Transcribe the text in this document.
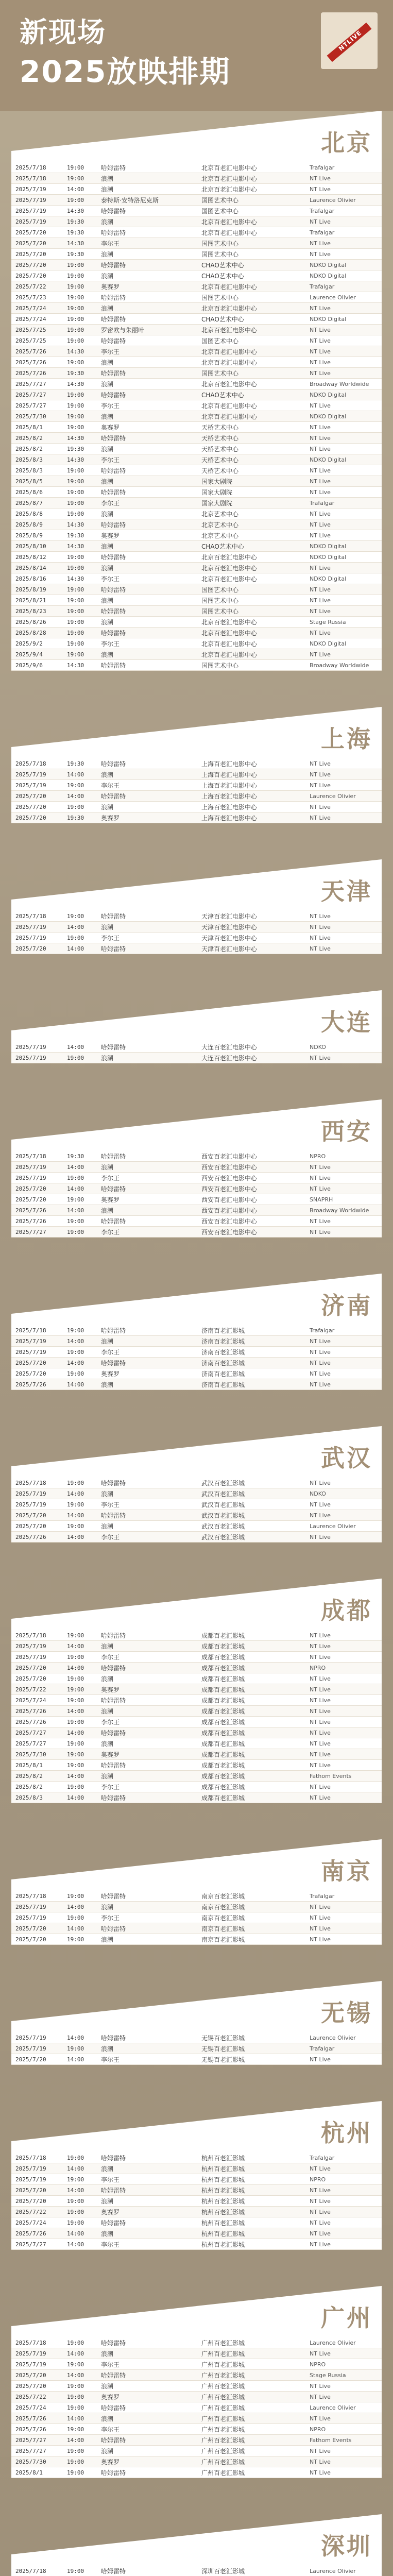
新现场
2025放映排期
NTLIVE
北京
2025/7/18	19:00	哈姆雷特	北京百老汇电影中心	Trafalgar
2025/7/18	19:00	浪潮	北京百老汇电影中心	NT Live
2025/7/19	14:00	浪潮	北京百老汇电影中心	NT Live
2025/7/19	19:00	泰特斯·安特洛尼克斯	国图艺术中心	Laurence Olivier
2025/7/19	14:30	哈姆雷特	国图艺术中心	Trafalgar
2025/7/19	19:30	浪潮	北京百老汇电影中心	NT Live
2025/7/20	19:30	哈姆雷特	北京百老汇电影中心	Trafalgar
2025/7/20	14:30	李尔王	国图艺术中心	NT Live
2025/7/20	19:30	浪潮	国图艺术中心	NT Live
2025/7/20	19:00	哈姆雷特	CHAO艺术中心	NDKO Digital
2025/7/20	19:00	浪潮	CHAO艺术中心	NDKO Digital
2025/7/22	19:00	奥赛罗	北京百老汇电影中心	Trafalgar
2025/7/23	19:00	哈姆雷特	国图艺术中心	Laurence Olivier
2025/7/24	19:00	浪潮	北京百老汇电影中心	NT Live
2025/7/24	19:00	哈姆雷特	CHAO艺术中心	NDKO Digital
2025/7/25	19:00	罗密欧与朱丽叶	北京百老汇电影中心	NT Live
2025/7/25	19:00	哈姆雷特	国图艺术中心	NT Live
2025/7/26	14:30	李尔王	北京百老汇电影中心	NT Live
2025/7/26	19:00	浪潮	北京百老汇电影中心	NT Live
2025/7/26	19:30	哈姆雷特	国图艺术中心	NT Live
2025/7/27	14:30	浪潮	北京百老汇电影中心	Broadway Worldwide
2025/7/27	19:00	哈姆雷特	CHAO艺术中心	NDKO Digital
2025/7/27	19:00	李尔王	北京百老汇电影中心	NT Live
2025/7/30	19:00	浪潮	北京百老汇电影中心	NDKO Digital
2025/8/1	19:00	奥赛罗	天桥艺术中心	NT Live
2025/8/2	14:30	哈姆雷特	天桥艺术中心	NT Live
2025/8/2	19:30	浪潮	天桥艺术中心	NT Live
2025/8/3	14:30	李尔王	天桥艺术中心	NDKO Digital
2025/8/3	19:00	哈姆雷特	天桥艺术中心	NT Live
2025/8/5	19:00	浪潮	国家大剧院	NT Live
2025/8/6	19:00	哈姆雷特	国家大剧院	NT Live
2025/8/7	19:00	李尔王	国家大剧院	Trafalgar
2025/8/8	19:00	浪潮	北京艺术中心	NT Live
2025/8/9	14:30	哈姆雷特	北京艺术中心	NT Live
2025/8/9	19:30	奥赛罗	北京艺术中心	NT Live
2025/8/10	14:30	浪潮	CHAO艺术中心	NDKO Digital
2025/8/12	19:00	哈姆雷特	北京百老汇电影中心	NDKO Digital
2025/8/14	19:00	浪潮	北京百老汇电影中心	NT Live
2025/8/16	14:30	李尔王	北京百老汇电影中心	NDKO Digital
2025/8/19	19:00	哈姆雷特	国图艺术中心	NT Live
2025/8/21	19:00	浪潮	国图艺术中心	NT Live
2025/8/23	19:00	哈姆雷特	国图艺术中心	NT Live
2025/8/26	19:00	浪潮	北京百老汇电影中心	Stage Russia
2025/8/28	19:00	哈姆雷特	北京百老汇电影中心	NT Live
2025/9/2	19:00	李尔王	北京百老汇电影中心	NDKO Digital
2025/9/4	19:00	浪潮	北京百老汇电影中心	NT Live
2025/9/6	14:30	哈姆雷特	国图艺术中心	Broadway Worldwide
上海
2025/7/18	19:30	哈姆雷特	上海百老汇电影中心	NT Live
2025/7/19	14:00	浪潮	上海百老汇电影中心	NT Live
2025/7/19	19:00	李尔王	上海百老汇电影中心	NT Live
2025/7/20	14:00	哈姆雷特	上海百老汇电影中心	Laurence Olivier
2025/7/20	19:00	浪潮	上海百老汇电影中心	NT Live
2025/7/20	19:30	奥赛罗	上海百老汇电影中心	NT Live
天津
2025/7/18	19:00	哈姆雷特	天津百老汇电影中心	NT Live
2025/7/19	14:00	浪潮	天津百老汇电影中心	NT Live
2025/7/19	19:00	李尔王	天津百老汇电影中心	NT Live
2025/7/20	14:00	哈姆雷特	天津百老汇电影中心	NT Live
大连
2025/7/19	14:00	哈姆雷特	大连百老汇电影中心	NDKO
2025/7/19	19:00	浪潮	大连百老汇电影中心	NT Live
西安
2025/7/18	19:30	哈姆雷特	西安百老汇电影中心	NPRO
2025/7/19	14:00	浪潮	西安百老汇电影中心	NT Live
2025/7/19	19:00	李尔王	西安百老汇电影中心	NT Live
2025/7/20	14:00	哈姆雷特	西安百老汇电影中心	NT Live
2025/7/20	19:00	奥赛罗	西安百老汇电影中心	SNAPRH
2025/7/26	14:00	浪潮	西安百老汇电影中心	Broadway Worldwide
2025/7/26	19:00	哈姆雷特	西安百老汇电影中心	NT Live
2025/7/27	19:00	李尔王	西安百老汇电影中心	NT Live
济南
2025/7/18	19:00	哈姆雷特	济南百老汇影城	Trafalgar
2025/7/19	14:00	浪潮	济南百老汇影城	NT Live
2025/7/19	19:00	李尔王	济南百老汇影城	NT Live
2025/7/20	14:00	哈姆雷特	济南百老汇影城	NT Live
2025/7/20	19:00	奥赛罗	济南百老汇影城	NT Live
2025/7/26	14:00	浪潮	济南百老汇影城	NT Live
武汉
2025/7/18	19:00	哈姆雷特	武汉百老汇影城	NT Live
2025/7/19	14:00	浪潮	武汉百老汇影城	NDKO
2025/7/19	19:00	李尔王	武汉百老汇影城	NT Live
2025/7/20	14:00	哈姆雷特	武汉百老汇影城	NT Live
2025/7/20	19:00	浪潮	武汉百老汇影城	Laurence Olivier
2025/7/26	14:00	李尔王	武汉百老汇影城	NT Live
成都
2025/7/18	19:00	哈姆雷特	成都百老汇影城	NT Live
2025/7/19	14:00	浪潮	成都百老汇影城	NT Live
2025/7/19	19:00	李尔王	成都百老汇影城	NT Live
2025/7/20	14:00	哈姆雷特	成都百老汇影城	NPRO
2025/7/20	19:00	浪潮	成都百老汇影城	NT Live
2025/7/22	19:00	奥赛罗	成都百老汇影城	NT Live
2025/7/24	19:00	哈姆雷特	成都百老汇影城	NT Live
2025/7/26	14:00	浪潮	成都百老汇影城	NT Live
2025/7/26	19:00	李尔王	成都百老汇影城	NT Live
2025/7/27	14:00	哈姆雷特	成都百老汇影城	NT Live
2025/7/27	19:00	浪潮	成都百老汇影城	NT Live
2025/7/30	19:00	奥赛罗	成都百老汇影城	NT Live
2025/8/1	19:00	哈姆雷特	成都百老汇影城	NT Live
2025/8/2	14:00	浪潮	成都百老汇影城	Fathom Events
2025/8/2	19:00	李尔王	成都百老汇影城	NT Live
2025/8/3	14:00	哈姆雷特	成都百老汇影城	NT Live
南京
2025/7/18	19:00	哈姆雷特	南京百老汇影城	Trafalgar
2025/7/19	14:00	浪潮	南京百老汇影城	NT Live
2025/7/19	19:00	李尔王	南京百老汇影城	NT Live
2025/7/20	14:00	哈姆雷特	南京百老汇影城	NT Live
2025/7/20	19:00	浪潮	南京百老汇影城	NT Live
无锡
2025/7/19	14:00	哈姆雷特	无锡百老汇影城	Laurence Olivier
2025/7/19	19:00	浪潮	无锡百老汇影城	Trafalgar
2025/7/20	14:00	李尔王	无锡百老汇影城	NT Live
杭州
2025/7/18	19:00	哈姆雷特	杭州百老汇影城	Trafalgar
2025/7/19	14:00	浪潮	杭州百老汇影城	NT Live
2025/7/19	19:00	李尔王	杭州百老汇影城	NPRO
2025/7/20	14:00	哈姆雷特	杭州百老汇影城	NT Live
2025/7/20	19:00	浪潮	杭州百老汇影城	NT Live
2025/7/22	19:00	奥赛罗	杭州百老汇影城	NT Live
2025/7/24	19:00	哈姆雷特	杭州百老汇影城	NT Live
2025/7/26	14:00	浪潮	杭州百老汇影城	NT Live
2025/7/27	14:00	李尔王	杭州百老汇影城	NT Live
广州
2025/7/18	19:00	哈姆雷特	广州百老汇影城	Laurence Olivier
2025/7/19	14:00	浪潮	广州百老汇影城	NT Live
2025/7/19	19:00	李尔王	广州百老汇影城	NPRO
2025/7/20	14:00	哈姆雷特	广州百老汇影城	Stage Russia
2025/7/20	19:00	浪潮	广州百老汇影城	NT Live
2025/7/22	19:00	奥赛罗	广州百老汇影城	NT Live
2025/7/24	19:00	哈姆雷特	广州百老汇影城	Laurence Olivier
2025/7/26	14:00	浪潮	广州百老汇影城	NT Live
2025/7/26	19:00	李尔王	广州百老汇影城	NPRO
2025/7/27	14:00	哈姆雷特	广州百老汇影城	Fathom Events
2025/7/27	19:00	浪潮	广州百老汇影城	NT Live
2025/7/30	19:00	奥赛罗	广州百老汇影城	NT Live
2025/8/1	19:00	哈姆雷特	广州百老汇影城	NT Live
深圳
2025/7/18	19:00	哈姆雷特	深圳百老汇影城	Laurence Olivier
